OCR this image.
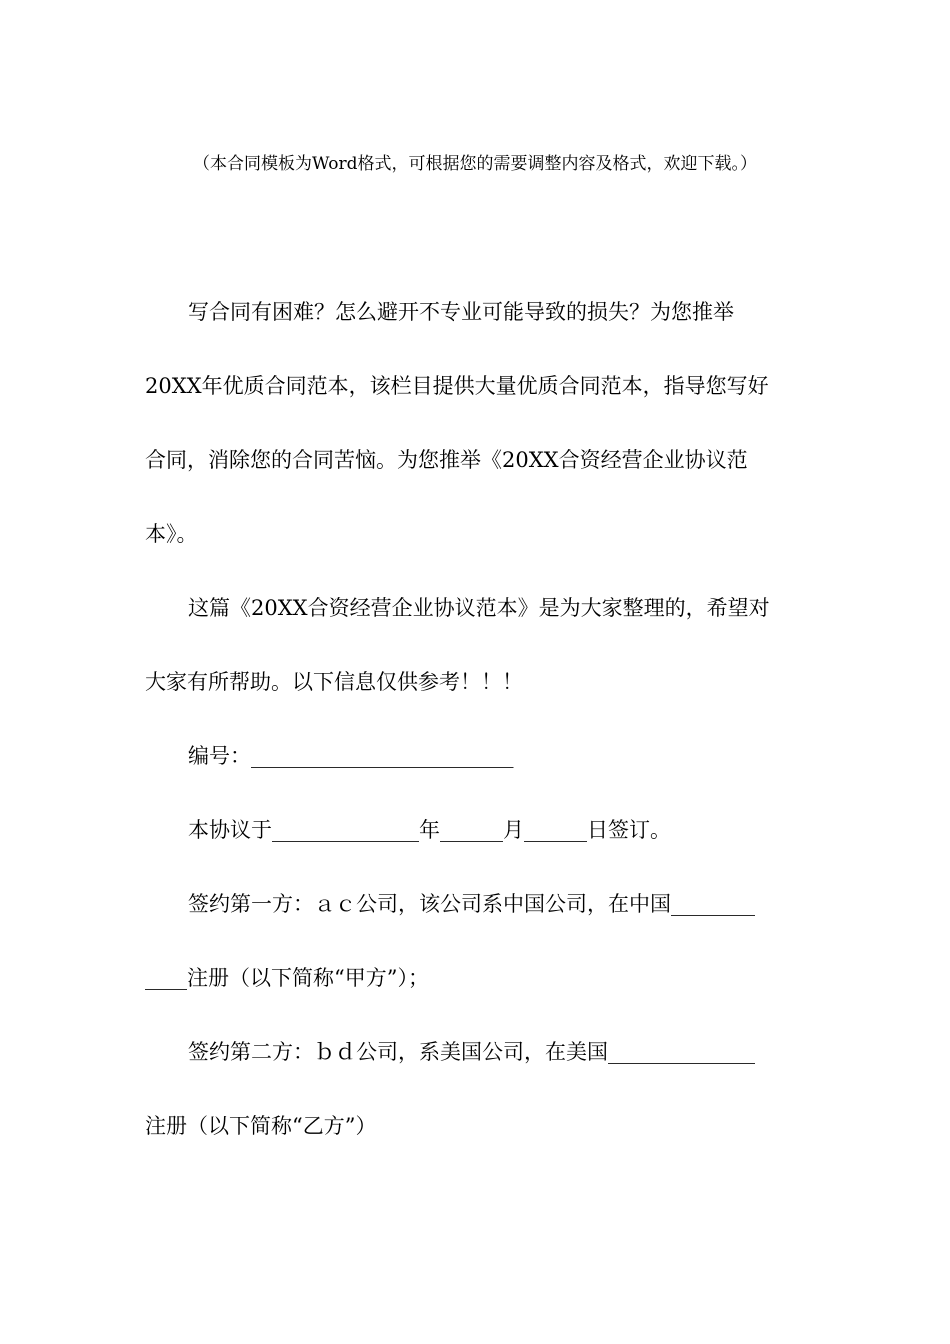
（本合同模板为Word格式，可根据您的需要调整内容及格式，欢迎下载。）
写合同有困难？怎么避开不专业可能导致的损失？为您推举
20XX年优质合同范本，该栏目提供大量优质合同范本，指导您写好
合同，消除您的合同苦恼。为您推举《20XX合资经营企业协议范
本》。
这篇《20XX合资经营企业协议范本》是为大家整理的，希望对
大家有所帮助。以下信息仅供参考！！！
编号：_________________________
本协议于______________年______月______日签订。
签约第一方：ａｃ公司，该公司系中国公司，在中国________
____注册（以下简称“甲方”）；
签约第二方：ｂｄ公司，系美国公司，在美国______________
注册（以下简称“乙方”）
